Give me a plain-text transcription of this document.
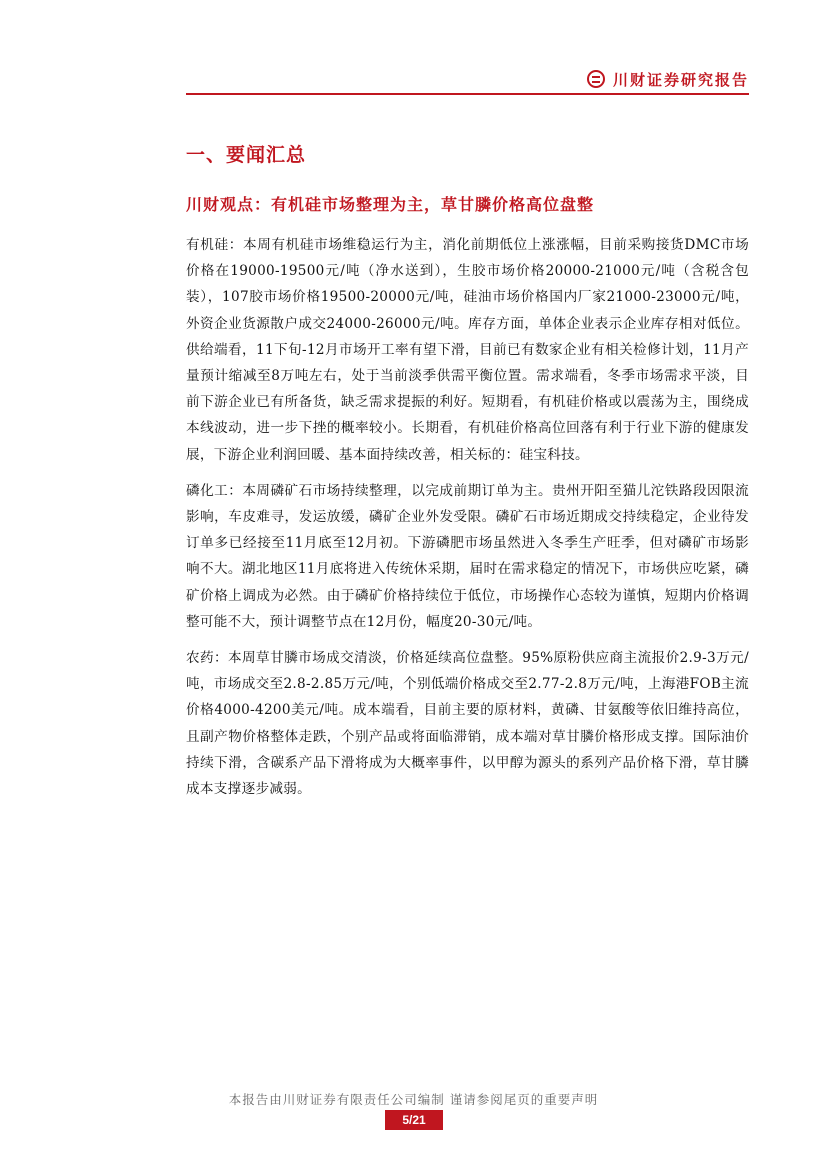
川财证券研究报告
一、要闻汇总
川财观点：有机硅市场整理为主，草甘膦价格高位盘整

有机硅：本周有机硅市场维稳运行为主，消化前期低位上涨涨幅，目前采购接货DMC市场价格在19000-19500元/吨（净水送到），生胶市场价格20000-21000元/吨（含税含包装），107胶市场价格19500-20000元/吨，硅油市场价格国内厂家21000-23000元/吨，外资企业货源散户成交24000-26000元/吨。库存方面，单体企业表示企业库存相对低位。供给端看，11下旬-12月市场开工率有望下滑，目前已有数家企业有相关检修计划，11月产量预计缩减至8万吨左右，处于当前淡季供需平衡位置。需求端看，冬季市场需求平淡，目前下游企业已有所备货，缺乏需求提振的利好。短期看，有机硅价格或以震荡为主，围绕成本线波动，进一步下挫的概率较小。长期看，有机硅价格高位回落有利于行业下游的健康发展，下游企业利润回暖、基本面持续改善，相关标的：硅宝科技。

磷化工：本周磷矿石市场持续整理，以完成前期订单为主。贵州开阳至猫儿沱铁路段因限流影响，车皮难寻，发运放缓，磷矿企业外发受限。磷矿石市场近期成交持续稳定，企业待发订单多已经接至11月底至12月初。下游磷肥市场虽然进入冬季生产旺季，但对磷矿市场影响不大。湖北地区11月底将进入传统休采期，届时在需求稳定的情况下，市场供应吃紧，磷矿价格上调成为必然。由于磷矿价格持续位于低位，市场操作心态较为谨慎，短期内价格调整可能不大，预计调整节点在12月份，幅度20-30元/吨。

农药：本周草甘膦市场成交清淡，价格延续高位盘整。95%原粉供应商主流报价2.9-3万元/吨，市场成交至2.8-2.85万元/吨，个别低端价格成交至2.77-2.8万元/吨，上海港FOB主流价格4000-4200美元/吨。成本端看，目前主要的原材料，黄磷、甘氨酸等依旧维持高位，且副产物价格整体走跌，个别产品或将面临滞销，成本端对草甘膦价格形成支撑。国际油价持续下滑，含碳系产品下滑将成为大概率事件，以甲醇为源头的系列产品价格下滑，草甘膦成本支撑逐步减弱。

本报告由川财证券有限责任公司编制 谨请参阅尾页的重要声明
5/21
